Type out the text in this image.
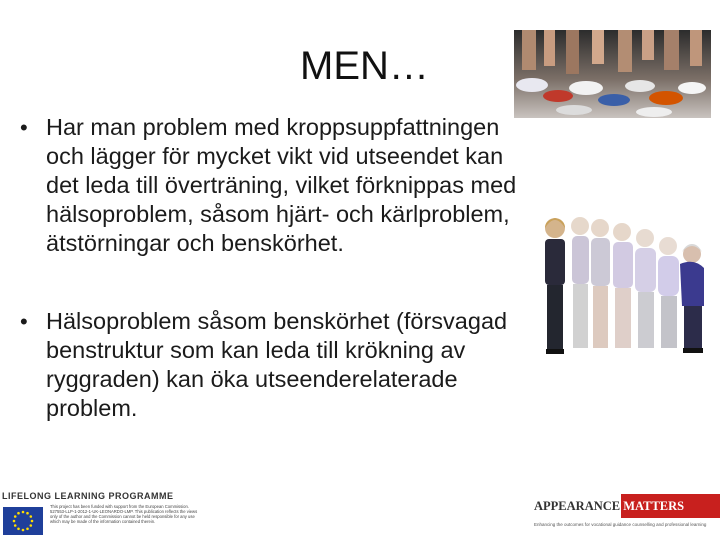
MEN…
• Har man problem med kroppsuppfattningen och lägger för mycket vikt vid utseendet kan det leda till överträning, vilket förknippas med hälsoproblem, såsom hjärt- och kärlproblem, ätstörningar och benskörhet.
• Hälsoproblem såsom benskörhet (försvagad benstruktur som kan leda till krökning av ryggraden) kan öka utseenderelaterade problem.
LIFELONG LEARNING PROGRAMME
This project has been funded with support from the European Commission. 527553-LLP-1-2012-1-UK-LEONARDO-LMP. This publication reflects the views only of the author and the Commission cannot be held responsible for any use which may be made of the information contained therein.
APPEARANCE MATTERS
Enhancing the outcomes for vocational guidance counselling and professional learning
